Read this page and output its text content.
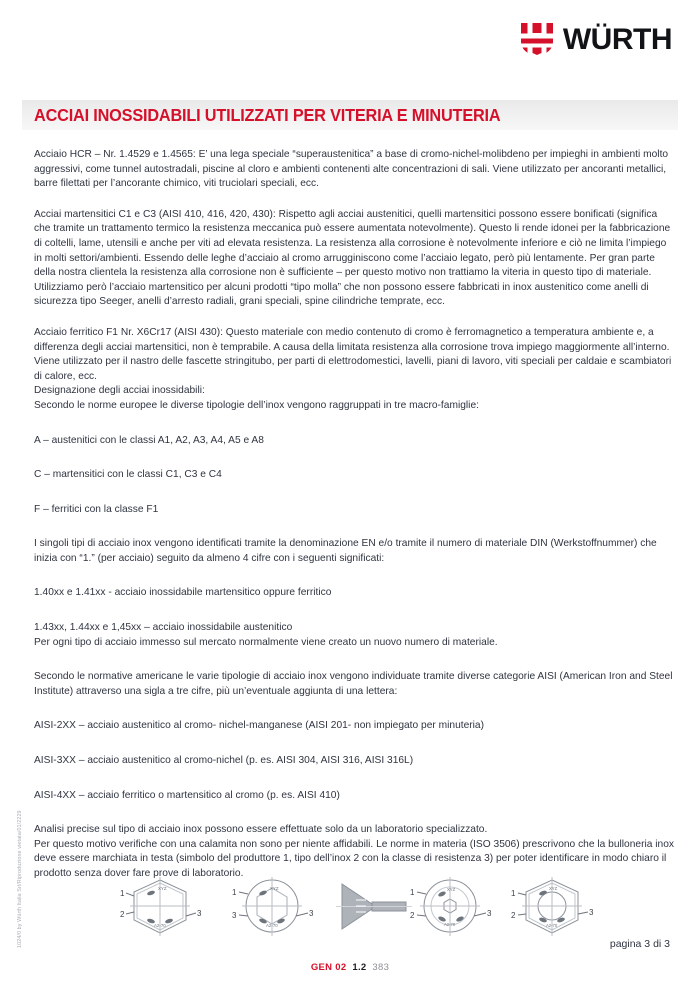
WÜRTH
ACCIAI INOSSIDABILI UTILIZZATI PER VITERIA E MINUTERIA

Acciaio HCR – Nr. 1.4529 e 1.4565: E’ una lega speciale “superaustenitica” a base di cromo-nichel-molibdeno per impieghi in ambienti molto aggressivi, come tunnel autostradali, piscine al cloro e ambienti contenenti alte concentrazioni di sali. Viene utilizzato per ancoranti metallici, barre filettati per l’ancorante chimico, viti truciolari speciali, ecc.

Acciai martensitici C1 e C3 (AISI 410, 416, 420, 430): Rispetto agli acciai austenitici, quelli martensitici possono essere bonificati (significa che tramite un trattamento termico la resistenza meccanica può essere aumentata notevolmente). Questo li rende idonei per la fabbricazione di coltelli, lame, utensili e anche per viti ad elevata resistenza. La resistenza alla corrosione è notevolmente inferiore e ciò ne limita l’impiego in molti settori/ambienti. Essendo delle leghe d’acciaio al cromo arrugginiscono come l’acciaio legato, però più lentamente. Per gran parte della nostra clientela la resistenza alla corrosione non è sufficiente – per questo motivo non trattiamo la viteria in questo tipo di materiale. Utilizziamo però l’acciaio martensitico per alcuni prodotti “tipo molla” che non possono essere fabbricati in inox austenitico come anelli di sicurezza tipo Seeger, anelli d’arresto radiali, grani speciali, spine cilindriche temprate, ecc.

Acciaio ferritico F1 Nr. X6Cr17 (AISI 430): Questo materiale con medio contenuto di cromo è ferromagnetico a temperatura ambiente e, a differenza degli acciai martensitici, non è temprabile. A causa della limitata resistenza alla corrosione trova impiego maggiormente all’interno. Viene utilizzato per il nastro delle fascette stringitubo, per parti di elettrodomestici, lavelli, piani di lavoro, viti speciali per caldaie e scambiatori di calore, ecc.

Designazione degli acciai inossidabili:

Secondo le norme europee le diverse tipologie dell’inox vengono raggruppati in tre macro-famiglie:

A – austenitici con le classi A1, A2, A3, A4, A5 e A8

C – martensitici con le classi C1, C3 e C4

F – ferritici con la classe F1

I singoli tipi di acciaio inox vengono identificati tramite la denominazione EN e/o tramite il numero di materiale DIN (Werkstoffnummer) che inizia con “1.” (per acciaio) seguito da almeno 4 cifre con i seguenti significati:

1.40xx e 1.41xx - acciaio inossidabile martensitico oppure ferritico

1.43xx, 1.44xx e 1,45xx – acciaio inossidabile austenitico

Per ogni tipo di acciaio immesso sul mercato normalmente viene creato un nuovo numero di materiale.

Secondo le normative americane le varie tipologie di acciaio inox vengono individuate tramite diverse categorie AISI (American Iron and Steel Institute) attraverso una sigla a tre cifre, più un’eventuale aggiunta di una lettera:

AISI-2XX – acciaio austenitico al cromo- nichel-manganese (AISI 201- non impiegato per minuteria)

AISI-3XX – acciaio austenitico al cromo-nichel (p. es. AISI 304, AISI 316, AISI 316L)

AISI-4XX – acciaio ferritico o martensitico al cromo (p. es. AISI 410)

Analisi precise sul tipo di acciaio inox possono essere effettuate solo da un laboratorio specializzato.

Per questo motivo verifiche con una calamita non sono per niente affidabili. Le norme in materia (ISO 3506) prescrivono che la bulloneria inox deve essere marchiata in testa (simbolo del produttore 1, tipo dell’inox 2 con la classe di resistenza 3) per poter identificare in modo chiaro il prodotto senza dover fare prove di laboratorio.

XYZ
A2-70
1
2	3
XYZ
A2-70
1
3	3
XYZ
A2-70
1
2	3
XYZ
A2-70
1
2	3
pagina 3 di 3
GEN 02 1.2 383
1024/0 by Würth Italia Srl/Riproduzione vietata/01/2229
